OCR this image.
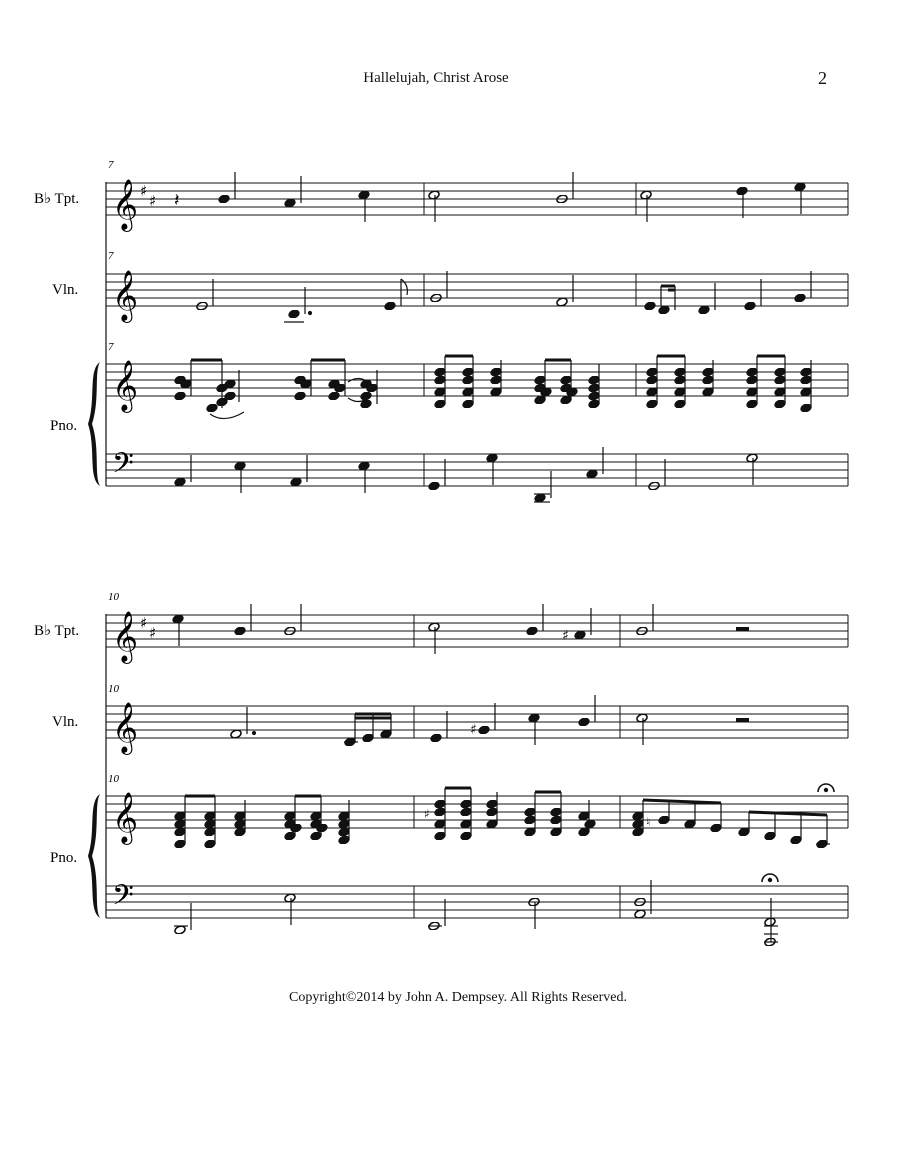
Hallelujah, Christ Arose	2
7
7
7
B♭ Tpt.
Vln.
Pno.
𝄞 ♯
♯ 𝄽
𝄞
𝄞
𝄢
10
10
10
B♭ Tpt.
Vln.
Pno.
𝄞 ♯
♯	♯
𝄞	♯
𝄞	♯
♮
𝄢
Copyright©2014 by John A. Dempsey. All Rights Reserved.
